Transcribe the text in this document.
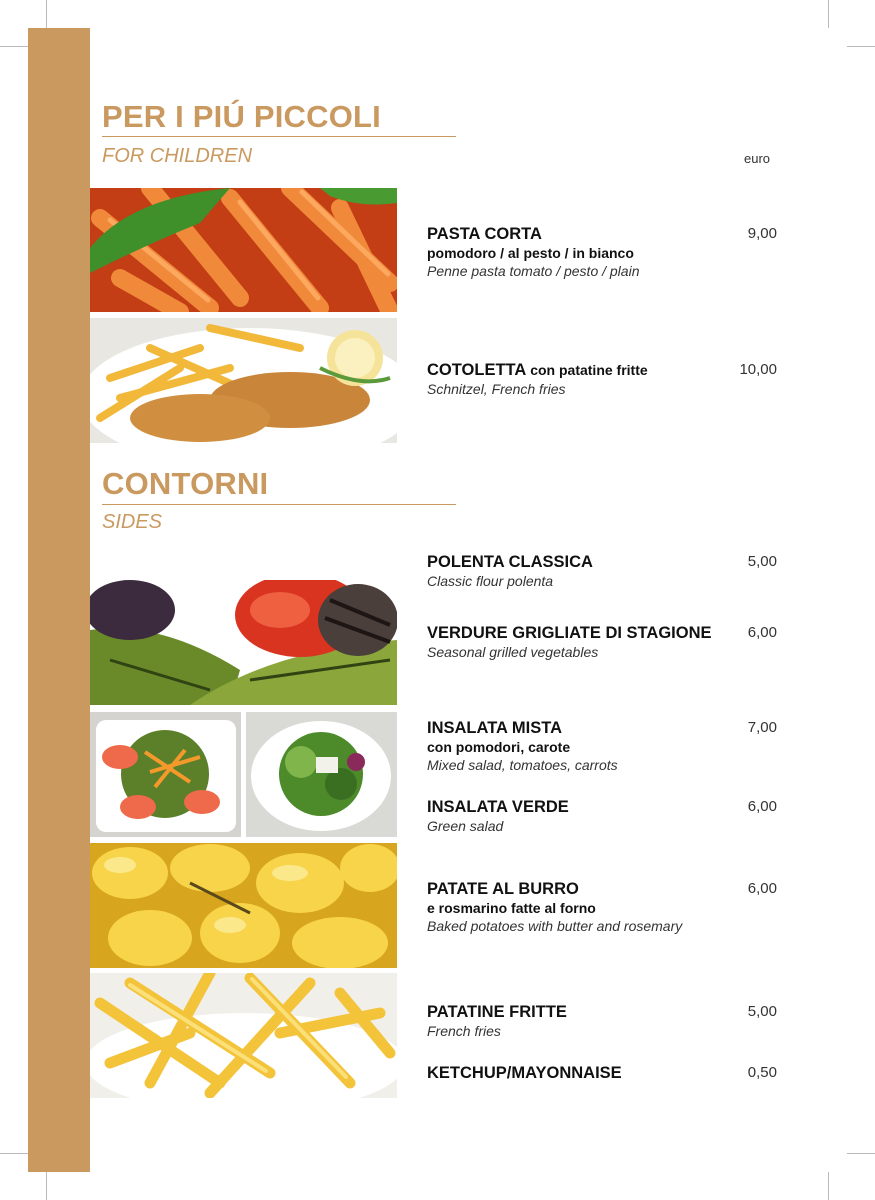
PER I PIÚ PICCOLI
FOR CHILDREN	euro
CONTORNI
SIDES
PASTA CORTA
pomodoro / al pesto / in bianco
Penne pasta tomato / pesto / plain
9,00
COTOLETTA con patatine fritte
Schnitzel, French fries
10,00
POLENTA CLASSICA
Classic flour polenta
5,00
VERDURE GRIGLIATE DI STAGIONE
Seasonal grilled vegetables
6,00
INSALATA MISTA
con pomodori, carote
Mixed salad, tomatoes, carrots
7,00
INSALATA VERDE
Green salad
6,00
PATATE AL BURRO
e rosmarino fatte al forno
Baked potatoes with butter and rosemary
6,00
PATATINE FRITTE
French fries
5,00
KETCHUP/MAYONNAISE	0,50
